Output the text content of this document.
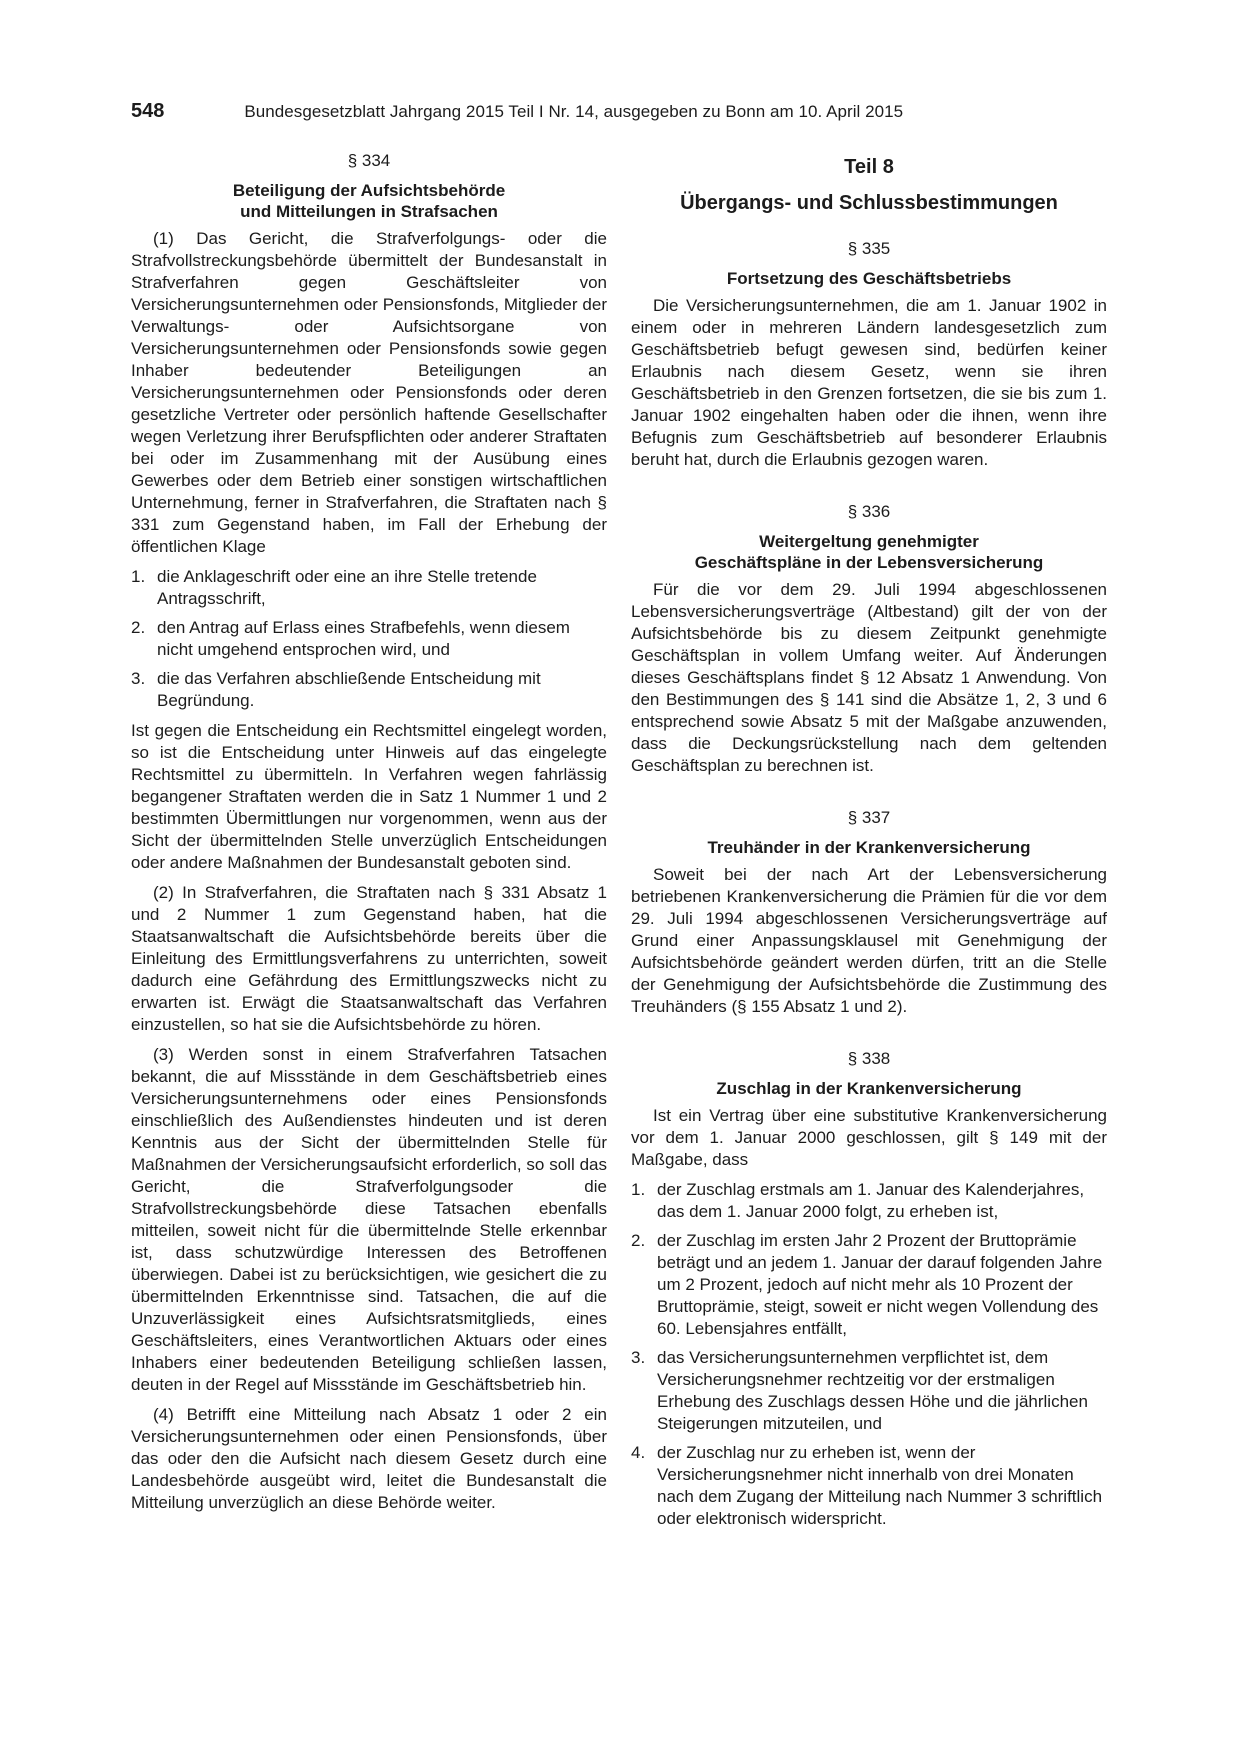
548	Bundesgesetzblatt Jahrgang 2015 Teil I Nr. 14, ausgegeben zu Bonn am 10. April 2015
§ 334
Beteiligung der Aufsichtsbehörde
und Mitteilungen in Strafsachen

(1) Das Gericht, die Strafverfolgungs- oder die Strafvollstreckungsbehörde übermittelt der Bundesanstalt in Strafverfahren gegen Geschäftsleiter von Versicherungsunternehmen oder Pensionsfonds, Mitglieder der Verwaltungs- oder Aufsichtsorgane von Versicherungsunternehmen oder Pensionsfonds sowie gegen Inhaber bedeutender Beteiligungen an Versicherungsunternehmen oder Pensionsfonds oder deren gesetzliche Vertreter oder persönlich haftende Gesellschafter wegen Verletzung ihrer Berufspflichten oder anderer Straftaten bei oder im Zusammenhang mit der Ausübung eines Gewerbes oder dem Betrieb einer sonstigen wirtschaftlichen Unternehmung, ferner in Strafverfahren, die Straftaten nach § 331 zum Gegenstand haben, im Fall der Erhebung der öffentlichen Klage

1. die Anklageschrift oder eine an ihre Stelle tretende Antragsschrift,
2. den Antrag auf Erlass eines Strafbefehls, wenn diesem nicht umgehend entsprochen wird, und
3. die das Verfahren abschließende Entscheidung mit Begründung.

Ist gegen die Entscheidung ein Rechtsmittel eingelegt worden, so ist die Entscheidung unter Hinweis auf das eingelegte Rechtsmittel zu übermitteln. In Verfahren wegen fahrlässig begangener Straftaten werden die in Satz 1 Nummer 1 und 2 bestimmten Übermittlungen nur vorgenommen, wenn aus der Sicht der übermittelnden Stelle unverzüglich Entscheidungen oder andere Maßnahmen der Bundesanstalt geboten sind.

(2) In Strafverfahren, die Straftaten nach § 331 Absatz 1 und 2 Nummer 1 zum Gegenstand haben, hat die Staatsanwaltschaft die Aufsichtsbehörde bereits über die Einleitung des Ermittlungsverfahrens zu unterrichten, soweit dadurch eine Gefährdung des Ermittlungszwecks nicht zu erwarten ist. Erwägt die Staatsanwaltschaft das Verfahren einzustellen, so hat sie die Aufsichtsbehörde zu hören.

(3) Werden sonst in einem Strafverfahren Tatsachen bekannt, die auf Missstände in dem Geschäftsbetrieb eines Versicherungsunternehmens oder eines Pensionsfonds einschließlich des Außendienstes hindeuten und ist deren Kenntnis aus der Sicht der übermittelnden Stelle für Maßnahmen der Versicherungsaufsicht erforderlich, so soll das Gericht, die Strafverfolgungsoder die Strafvollstreckungsbehörde diese Tatsachen ebenfalls mitteilen, soweit nicht für die übermittelnde Stelle erkennbar ist, dass schutzwürdige Interessen des Betroffenen überwiegen. Dabei ist zu berücksichtigen, wie gesichert die zu übermittelnden Erkenntnisse sind. Tatsachen, die auf die Unzuverlässigkeit eines Aufsichtsratsmitglieds, eines Geschäftsleiters, eines Verantwortlichen Aktuars oder eines Inhabers einer bedeutenden Beteiligung schließen lassen, deuten in der Regel auf Missstände im Geschäftsbetrieb hin.

(4) Betrifft eine Mitteilung nach Absatz 1 oder 2 ein Versicherungsunternehmen oder einen Pensionsfonds, über das oder den die Aufsicht nach diesem Gesetz durch eine Landesbehörde ausgeübt wird, leitet die Bundesanstalt die Mitteilung unverzüglich an diese Behörde weiter.

Teil 8
Übergangs- und Schlussbestimmungen
§ 335
Fortsetzung des Geschäftsbetriebs

Die Versicherungsunternehmen, die am 1. Januar 1902 in einem oder in mehreren Ländern landesgesetzlich zum Geschäftsbetrieb befugt gewesen sind, bedürfen keiner Erlaubnis nach diesem Gesetz, wenn sie ihren Geschäftsbetrieb in den Grenzen fortsetzen, die sie bis zum 1. Januar 1902 eingehalten haben oder die ihnen, wenn ihre Befugnis zum Geschäftsbetrieb auf besonderer Erlaubnis beruht hat, durch die Erlaubnis gezogen waren.

§ 336
Weitergeltung genehmigter
Geschäftspläne in der Lebensversicherung

Für die vor dem 29. Juli 1994 abgeschlossenen Lebensversicherungsverträge (Altbestand) gilt der von der Aufsichtsbehörde bis zu diesem Zeitpunkt genehmigte Geschäftsplan in vollem Umfang weiter. Auf Änderungen dieses Geschäftsplans findet § 12 Absatz 1 Anwendung. Von den Bestimmungen des § 141 sind die Absätze 1, 2, 3 und 6 entsprechend sowie Absatz 5 mit der Maßgabe anzuwenden, dass die Deckungsrückstellung nach dem geltenden Geschäftsplan zu berechnen ist.

§ 337
Treuhänder in der Krankenversicherung

Soweit bei der nach Art der Lebensversicherung betriebenen Krankenversicherung die Prämien für die vor dem 29. Juli 1994 abgeschlossenen Versicherungsverträge auf Grund einer Anpassungsklausel mit Genehmigung der Aufsichtsbehörde geändert werden dürfen, tritt an die Stelle der Genehmigung der Aufsichtsbehörde die Zustimmung des Treuhänders (§ 155 Absatz 1 und 2).

§ 338
Zuschlag in der Krankenversicherung

Ist ein Vertrag über eine substitutive Krankenversicherung vor dem 1. Januar 2000 geschlossen, gilt § 149 mit der Maßgabe, dass

1. der Zuschlag erstmals am 1. Januar des Kalenderjahres, das dem 1. Januar 2000 folgt, zu erheben ist,
2. der Zuschlag im ersten Jahr 2 Prozent der Bruttoprämie beträgt und an jedem 1. Januar der darauf folgenden Jahre um 2 Prozent, jedoch auf nicht mehr als 10 Prozent der Bruttoprämie, steigt, soweit er nicht wegen Vollendung des 60. Lebensjahres entfällt,
3. das Versicherungsunternehmen verpflichtet ist, dem Versicherungsnehmer rechtzeitig vor der erstmaligen Erhebung des Zuschlags dessen Höhe und die jährlichen Steigerungen mitzuteilen, und
4. der Zuschlag nur zu erheben ist, wenn der Versicherungsnehmer nicht innerhalb von drei Monaten nach dem Zugang der Mitteilung nach Nummer 3 schriftlich oder elektronisch widerspricht.
